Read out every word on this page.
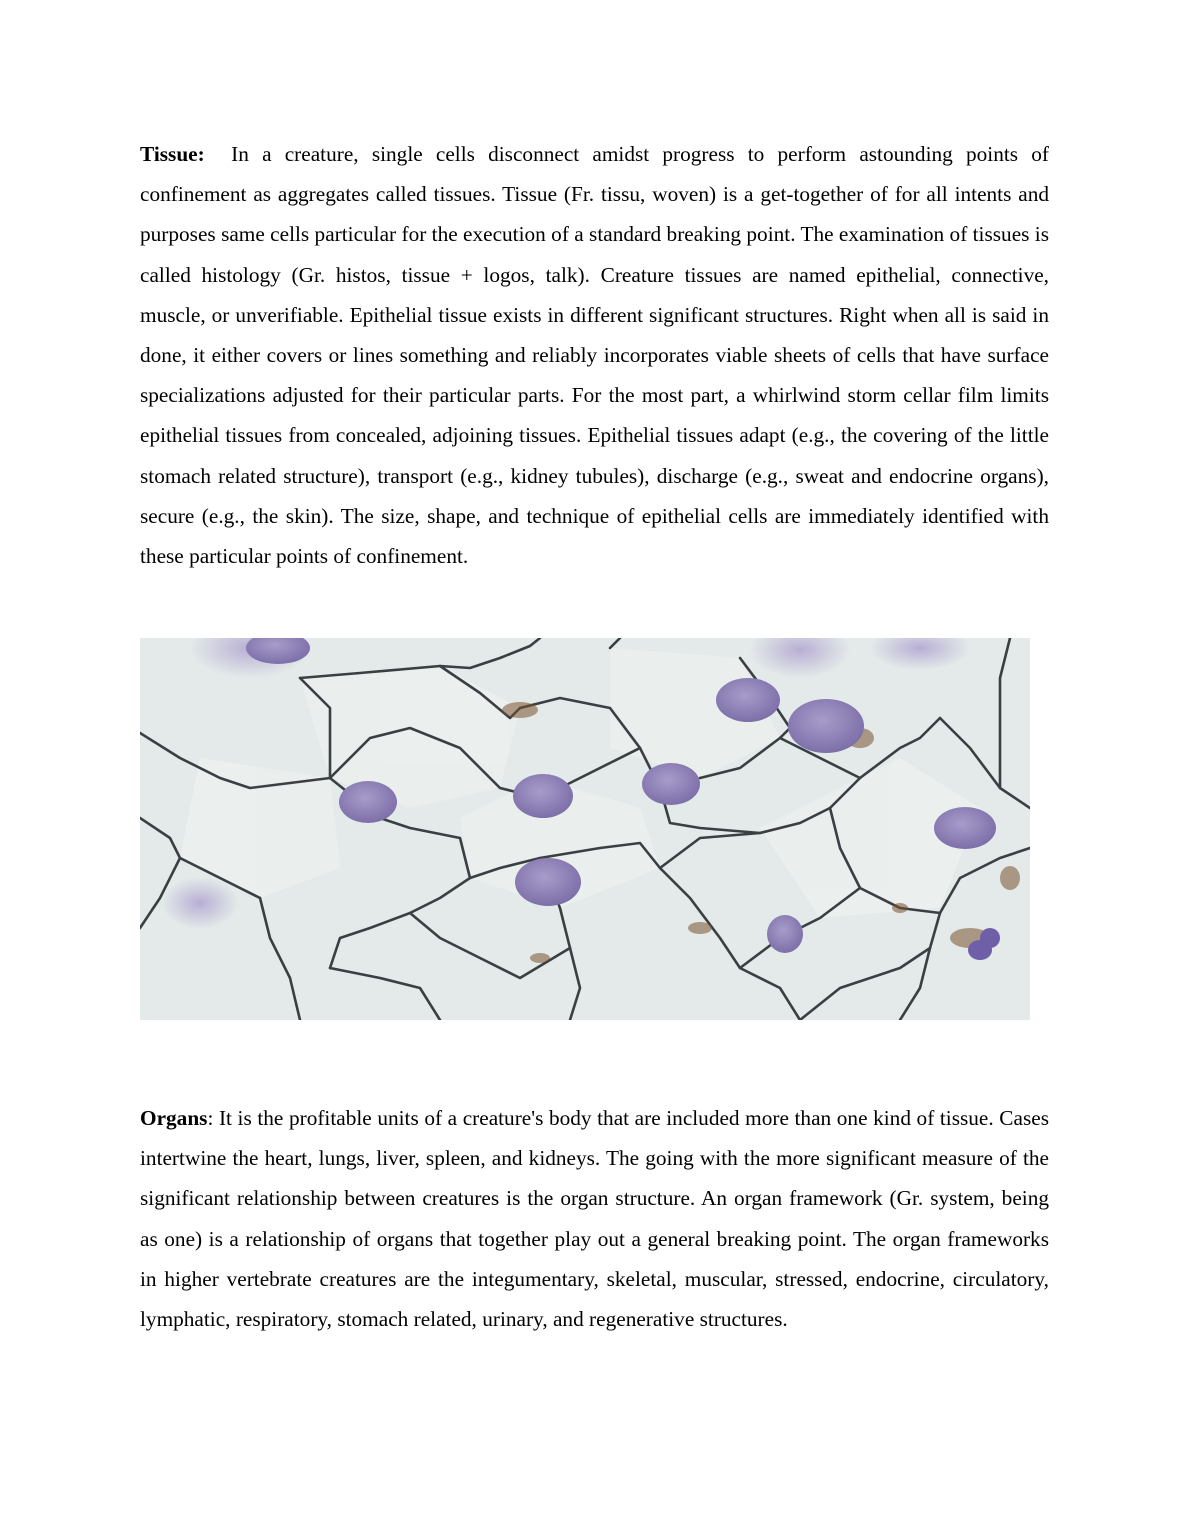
Tissue: In a creature, single cells disconnect amidst progress to perform astounding points of confinement as aggregates called tissues. Tissue (Fr. tissu, woven) is a get-together of for all intents and purposes same cells particular for the execution of a standard breaking point. The examination of tissues is called histology (Gr. histos, tissue + logos, talk). Creature tissues are named epithelial, connective, muscle, or unverifiable. Epithelial tissue exists in different significant structures. Right when all is said in done, it either covers or lines something and reliably incorporates viable sheets of cells that have surface specializations adjusted for their particular parts. For the most part, a whirlwind storm cellar film limits epithelial tissues from concealed, adjoining tissues. Epithelial tissues adapt (e.g., the covering of the little stomach related structure), transport (e.g., kidney tubules), discharge (e.g., sweat and endocrine organs), secure (e.g., the skin). The size, shape, and technique of epithelial cells are immediately identified with these particular points of confinement.

Organs: It is the profitable units of a creature's body that are included more than one kind of tissue. Cases intertwine the heart, lungs, liver, spleen, and kidneys. The going with the more significant measure of the significant relationship between creatures is the organ structure. An organ framework (Gr. system, being as one) is a relationship of organs that together play out a general breaking point. The organ frameworks in higher vertebrate creatures are the integumentary, skeletal, muscular, stressed, endocrine, circulatory, lymphatic, respiratory, stomach related, urinary, and regenerative structures.
